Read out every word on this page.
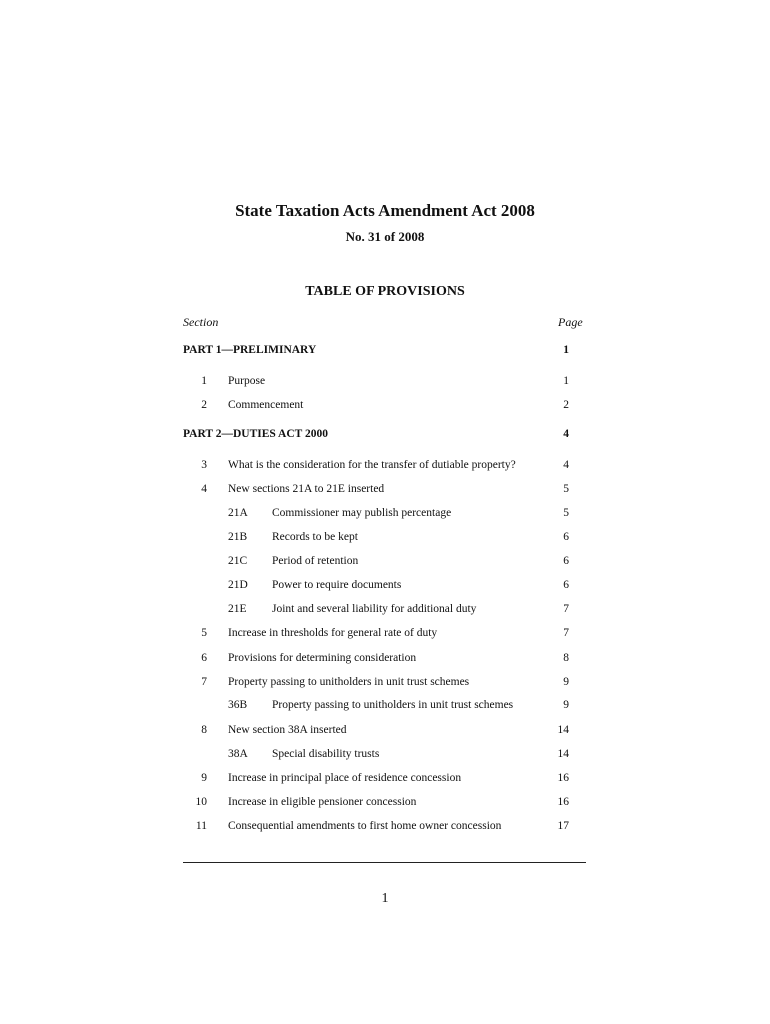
State Taxation Acts Amendment Act 2008
No. 31 of 2008
TABLE OF PROVISIONS
Section	Page
PART 1—PRELIMINARY	1
1 Purpose	1
2 Commencement	2
PART 2—DUTIES ACT 2000	4
3 What is the consideration for the transfer of dutiable property?	4
4 New sections 21A to 21E inserted	5
21A Commissioner may publish percentage	5
21B Records to be kept	6
21C Period of retention	6
21D Power to require documents	6
21E Joint and several liability for additional duty	7
5 Increase in thresholds for general rate of duty	7
6 Provisions for determining consideration	8
7 Property passing to unitholders in unit trust schemes	9
36B Property passing to unitholders in unit trust schemes	9
8 New section 38A inserted	14
38A Special disability trusts	14
9 Increase in principal place of residence concession	16
10 Increase in eligible pensioner concession	16
11 Consequential amendments to first home owner concession	17
1
